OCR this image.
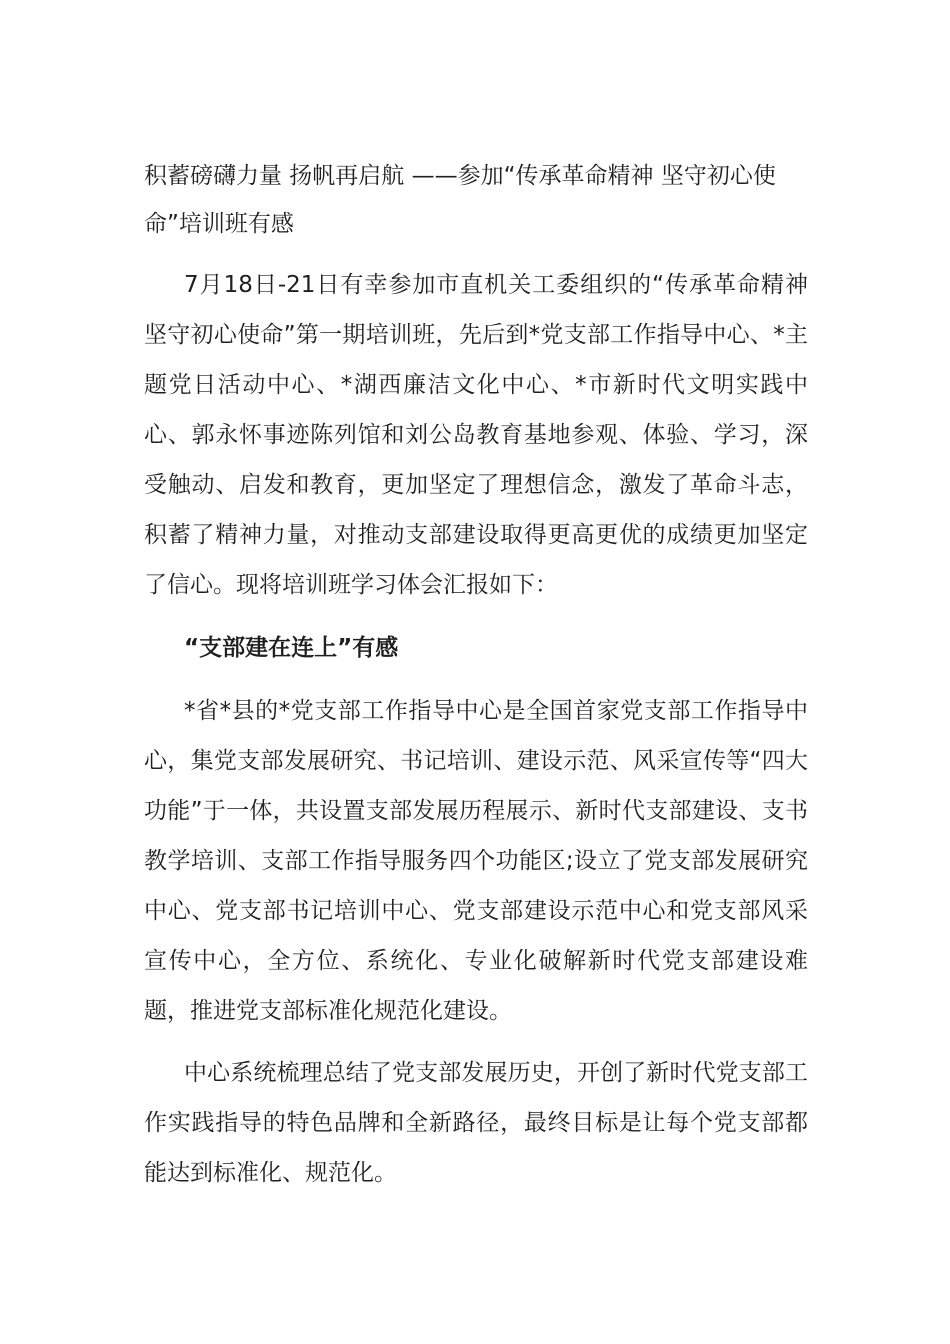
积蓄磅礴力量 扬帆再启航 ——参加“传承革命精神 坚守初心使命”培训班有感

7月18日-21日有幸参加市直机关工委组织的“传承革命精神 坚守初心使命”第一期培训班，先后到*党支部工作指导中心、*主题党日活动中心、*湖西廉洁文化中心、*市新时代文明实践中心、郭永怀事迹陈列馆和刘公岛教育基地参观、体验、学习，深受触动、启发和教育，更加坚定了理想信念，激发了革命斗志，积蓄了精神力量，对推动支部建设取得更高更优的成绩更加坚定了信心。现将培训班学习体会汇报如下：

“支部建在连上”有感

*省*县的*党支部工作指导中心是全国首家党支部工作指导中心，集党支部发展研究、书记培训、建设示范、风采宣传等“四大功能”于一体，共设置支部发展历程展示、新时代支部建设、支书教学培训、支部工作指导服务四个功能区;设立了党支部发展研究中心、党支部书记培训中心、党支部建设示范中心和党支部风采宣传中心，全方位、系统化、专业化破解新时代党支部建设难题，推进党支部标准化规范化建设。

中心系统梳理总结了党支部发展历史，开创了新时代党支部工作实践指导的特色品牌和全新路径，最终目标是让每个党支部都能达到标准化、规范化。
